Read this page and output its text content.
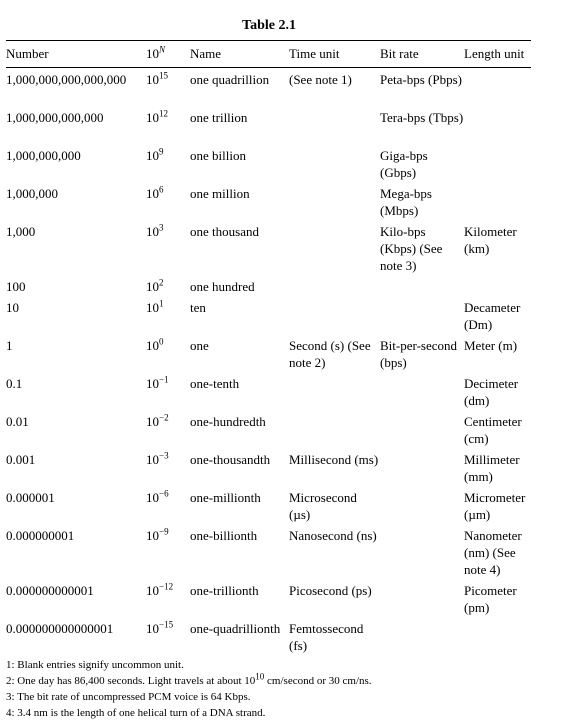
Table 2.1
Number	$10^N$	Name	Time unit	Bit rate	Length unit
1,000,000,000,000,000	$10^{15}$	one quadrillion	(See note 1)	Peta-bps (Pbps)	
1,000,000,000,000	$10^{12}$	one trillion		Tera-bps (Tbps)	
1,000,000,000	$10^9$	one billion		Giga-bps (Gbps)	
1,000,000	$10^6$	one million		Mega-bps (Mbps)	
1,000	$10^3$	one thousand		Kilo-bps (Kbps) (See note 3)	Kilometer (km)
100	$10^2$	one hundred			
10	$10^1$	ten			Decameter (Dm)
1	$10^0$	one	Second (s) (See note 2)	Bit-per-second (bps)	Meter (m)
0.1	$10^{-1}$	one-tenth			Decimeter (dm)
0.01	$10^{-2}$	one-hundredth			Centimeter (cm)
0.001	$10^{-3}$	one-thousandth	Millisecond (ms)		Millimeter (mm)
0.000001	$10^{-6}$	one-millionth	Microsecond (µs)		Micrometer (µm)
0.000000001	$10^{-9}$	one-billionth	Nanosecond (ns)		Nanometer (nm) (See note 4)
0.000000000001	$10^{-12}$	one-trillionth	Picosecond (ps)		Picometer (pm)
0.000000000000001	$10^{-15}$	one-quadrillionth	Femtossecond (fs)		
1: Blank entries signify uncommon unit.
2: One day has 86,400 seconds. Light travels at about $10^{10}$ cm/second or 30 cm/ns.
3: The bit rate of uncompressed PCM voice is 64 Kbps.
4: 3.4 nm is the length of one helical turn of a DNA strand.
